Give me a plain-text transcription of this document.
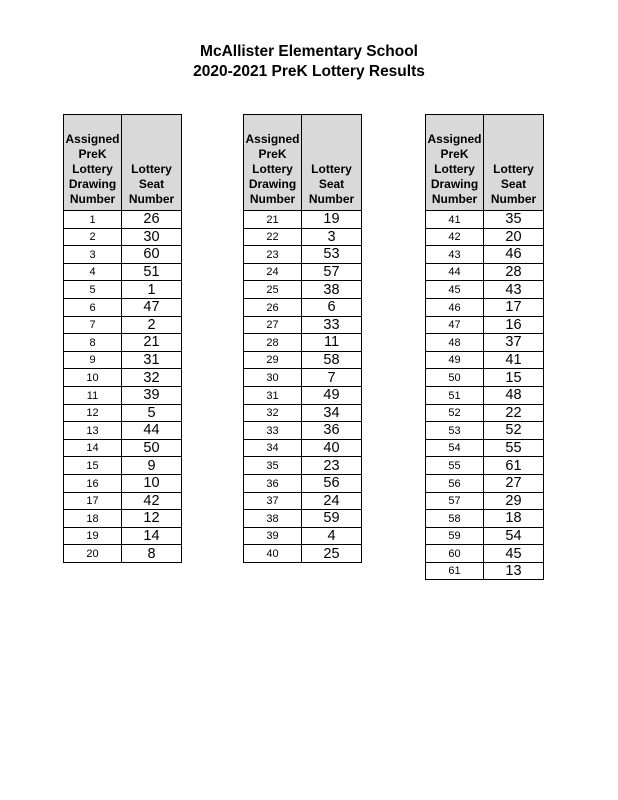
McAllister Elementary School
2020-2021 PreK Lottery Results
Assigned
PreK
Lottery
Drawing
Number	Lottery
Seat
Number
1	26
2	30
3	60
4	51
5	1
6	47
7	2
8	21
9	31
10	32
11	39
12	5
13	44
14	50
15	9
16	10
17	42
18	12
19	14
20	8
Assigned
PreK
Lottery
Drawing
Number	Lottery
Seat
Number
21	19
22	3
23	53
24	57
25	38
26	6
27	33
28	11
29	58
30	7
31	49
32	34
33	36
34	40
35	23
36	56
37	24
38	59
39	4
40	25
Assigned
PreK
Lottery
Drawing
Number	Lottery
Seat
Number
41	35
42	20
43	46
44	28
45	43
46	17
47	16
48	37
49	41
50	15
51	48
52	22
53	52
54	55
55	61
56	27
57	29
58	18
59	54
60	45
61	13
